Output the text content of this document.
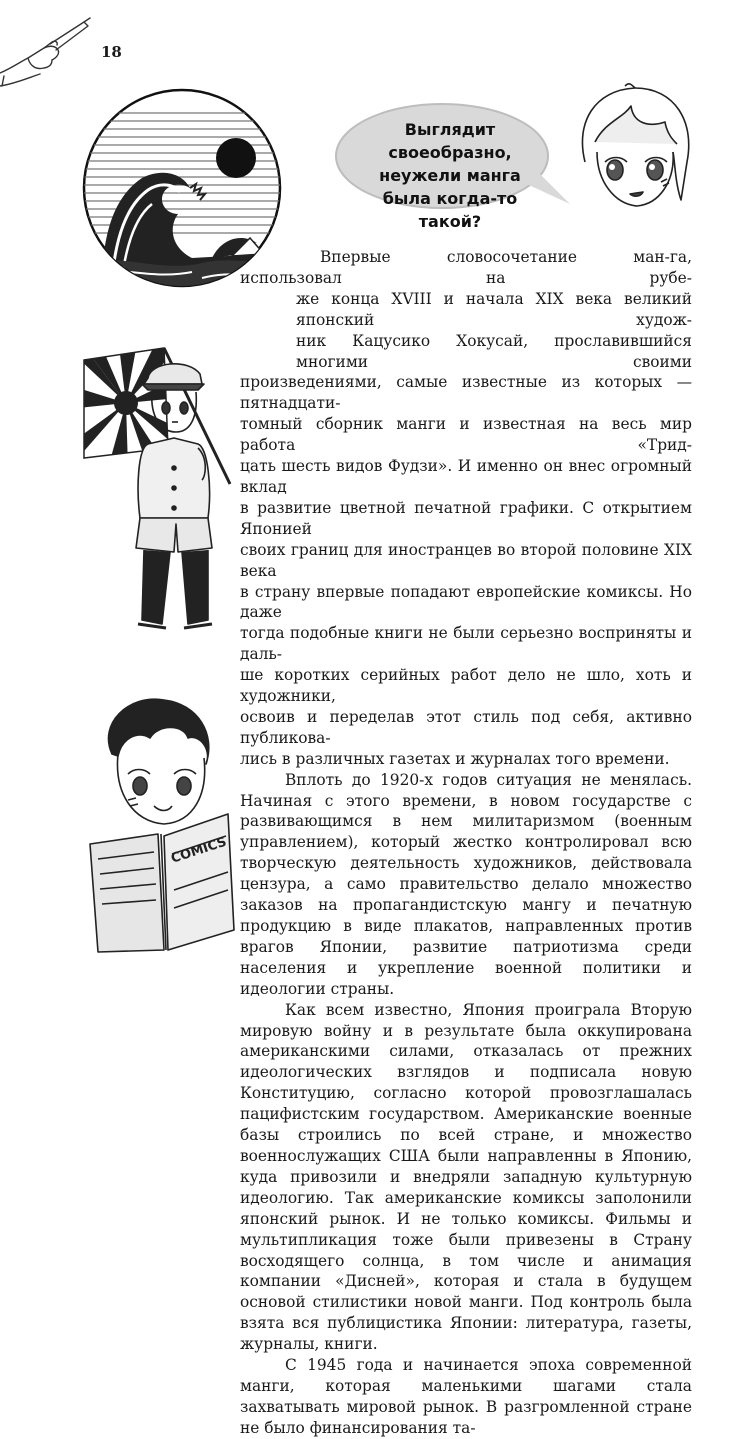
18
Выглядит своеобразно, неужели манга была когда-то такой?
COMICS
Впервые словосочетание ман-га, использовал на рубе-
же конца XVIII и начала XIX века великий японский худож-
ник Кацусико Хокусай, прославившийся многими своими
произведениями, самые известные из которых — пятнадцати-
томный сборник манги и известная на весь мир работа «Трид-
цать шесть видов Фудзи». И именно он внес огромный вклад
в развитие цветной печатной графики. С открытием Японией
своих границ для иностранцев во второй половине XIX века
в страну впервые попадают европейские комиксы. Но даже
тогда подобные книги не были серьезно восприняты и даль-
ше коротких серийных работ дело не шло, хоть и художники,
освоив и переделав этот стиль под себя, активно публикова-
лись в различных газетах и журналах того времени.

Вплоть до 1920-х годов ситуация не менялась. Начиная с этого времени, в новом государстве с развивающимся в нем милитаризмом (военным управлением), который жестко контролировал всю творческую деятельность художников, действовала цензура, а само правительство делало множество заказов на пропагандистскую мангу и печатную продукцию в виде плакатов, направленных против врагов Японии, развитие патриотизма среди населения и укрепление военной политики и идеологии страны.

Как всем известно, Япония проиграла Вторую мировую войну и в результате была оккупирована американскими силами, отказалась от прежних идеологических взглядов и подписала новую Конституцию, согласно которой провозглашалась пацифистским государством. Американские военные базы строились по всей стране, и множество военнослужащих США были направленны в Японию, куда привозили и внедряли западную культурную идеологию. Так американские комиксы заполонили японский рынок. И не только комиксы. Фильмы и мультипликация тоже были привезены в Страну восходящего солнца, в том числе и анимация компании «Дисней», которая и стала в будущем основой стилистики новой манги. Под контроль была взята вся публицистика Японии: литература, газеты, журналы, книги.

С 1945 года и начинается эпоха современной манги, которая маленькими шагами стала захватывать мировой рынок. В разгромленной стране не было финансирования та-
